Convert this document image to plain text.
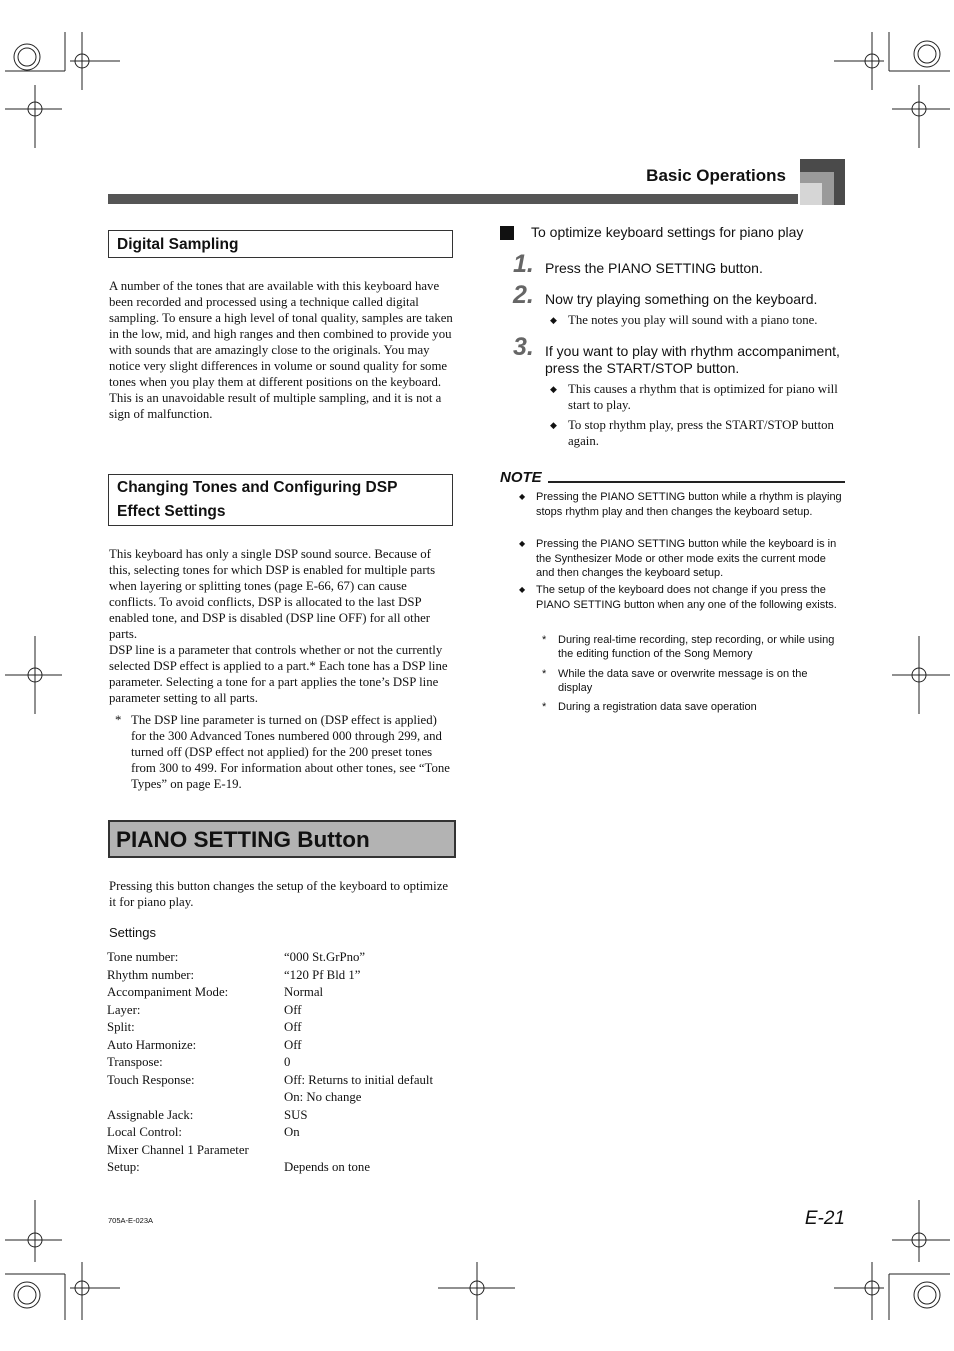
Basic Operations
Digital Sampling
A number of the tones that are available with this keyboard have been recorded and processed using a technique called digital sampling. To ensure a high level of tonal quality, samples are taken in the low, mid, and high ranges and then combined to provide you with sounds that are amazingly close to the originals. You may notice very slight differences in volume or sound quality for some tones when you play them at different positions on the keyboard. This is an unavoidable result of multiple sampling, and it is not a sign of malfunction.
Changing Tones and Configuring DSP
Effect Settings
This keyboard has only a single DSP sound source. Because of this, selecting tones for which DSP is enabled for multiple parts when layering or splitting tones (page E-66, 67) can cause conflicts. To avoid conflicts, DSP is allocated to the last DSP enabled tone, and DSP is disabled (DSP line OFF) for all other parts.
DSP line is a parameter that controls whether or not the currently selected DSP effect is applied to a part.* Each tone has a DSP line parameter. Selecting a tone for a part applies the tone’s DSP line parameter setting to all parts.
* The DSP line parameter is turned on (DSP effect is applied) for the 300 Advanced Tones numbered 000 through 299, and turned off (DSP effect not applied) for the 200 preset tones from 300 to 499. For information about other tones, see “Tone Types” on page E-19.
PIANO SETTING Button
Pressing this button changes the setup of the keyboard to optimize it for piano play.
Settings
Tone number:	“000 St.GrPno”
Rhythm number:	“120 Pf Bld 1”
Accompaniment Mode:	Normal
Layer:	Off
Split:	Off
Auto Harmonize:	Off
Transpose:	0
Touch Response:	Off: Returns to initial default
On: No change
Assignable Jack:	SUS
Local Control:	On
Mixer Channel 1 Parameter
Setup:	Depends on tone
To optimize keyboard settings for piano play
1. Press the PIANO SETTING button.
2. Now try playing something on the keyboard.
◆ The notes you play will sound with a piano tone.
3. If you want to play with rhythm accompaniment, press the START/STOP button.
◆ This causes a rhythm that is optimized for piano will start to play.
◆ To stop rhythm play, press the START/STOP button again.
NOTE
◆ Pressing the PIANO SETTING button while a rhythm is playing stops rhythm play and then changes the keyboard setup.
◆ Pressing the PIANO SETTING button while the keyboard is in the Synthesizer Mode or other mode exits the current mode and then changes the keyboard setup.
◆ The setup of the keyboard does not change if you press the PIANO SETTING button when any one of the following exists.
* During real-time recording, step recording, or while using the editing function of the Song Memory
* While the data save or overwrite message is on the display
* During a registration data save operation
705A-E-023A	E-21
